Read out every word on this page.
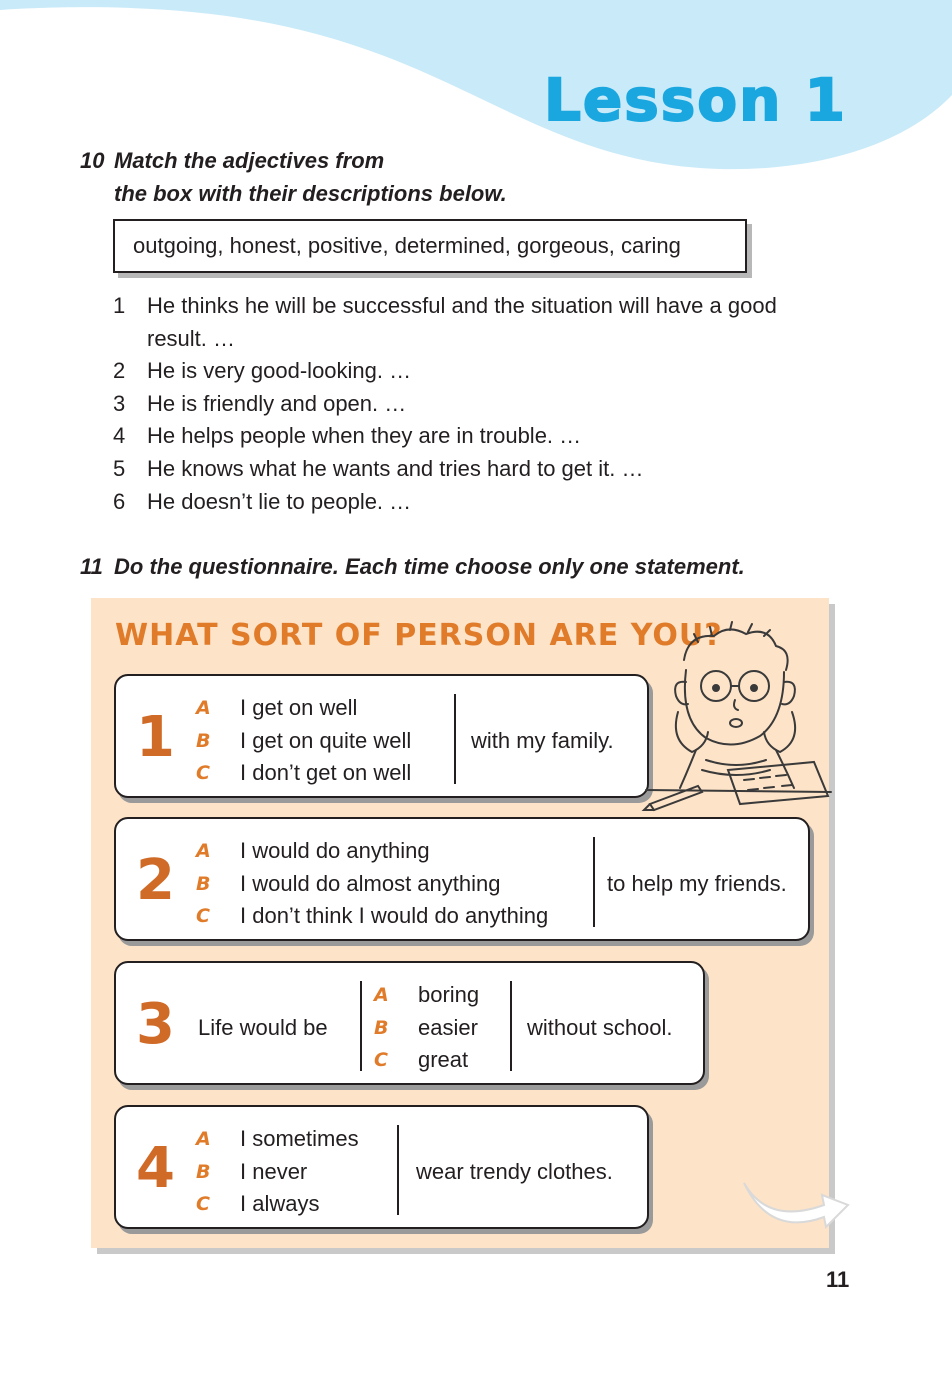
Lesson 1

10 Match the adjectives from
the box with their descriptions below.

outgoing, honest, positive, determined, gorgeous, caring
1 He thinks he will be successful and the situation will have a good result. …
2 He is very good-looking. …
3 He is friendly and open. …
4 He helps people when they are in trouble. …
5 He knows what he wants and tries hard to get it. …
6 He doesn’t lie to people. …

11 Do the questionnaire. Each time choose only one statement.

WHAT SORT OF PERSON ARE YOU?
1 A	I get on well
B	I get on quite well
C	I don’t get on well
with my family.
2 A	I would do anything
B	I would do almost anything
C	I don’t think I would do anything
to help my friends.
3 Life would be
A	boring
B	easier
C	great
without school.
4 A	I sometimes
B	I never
C	I always
wear trendy clothes.

11
